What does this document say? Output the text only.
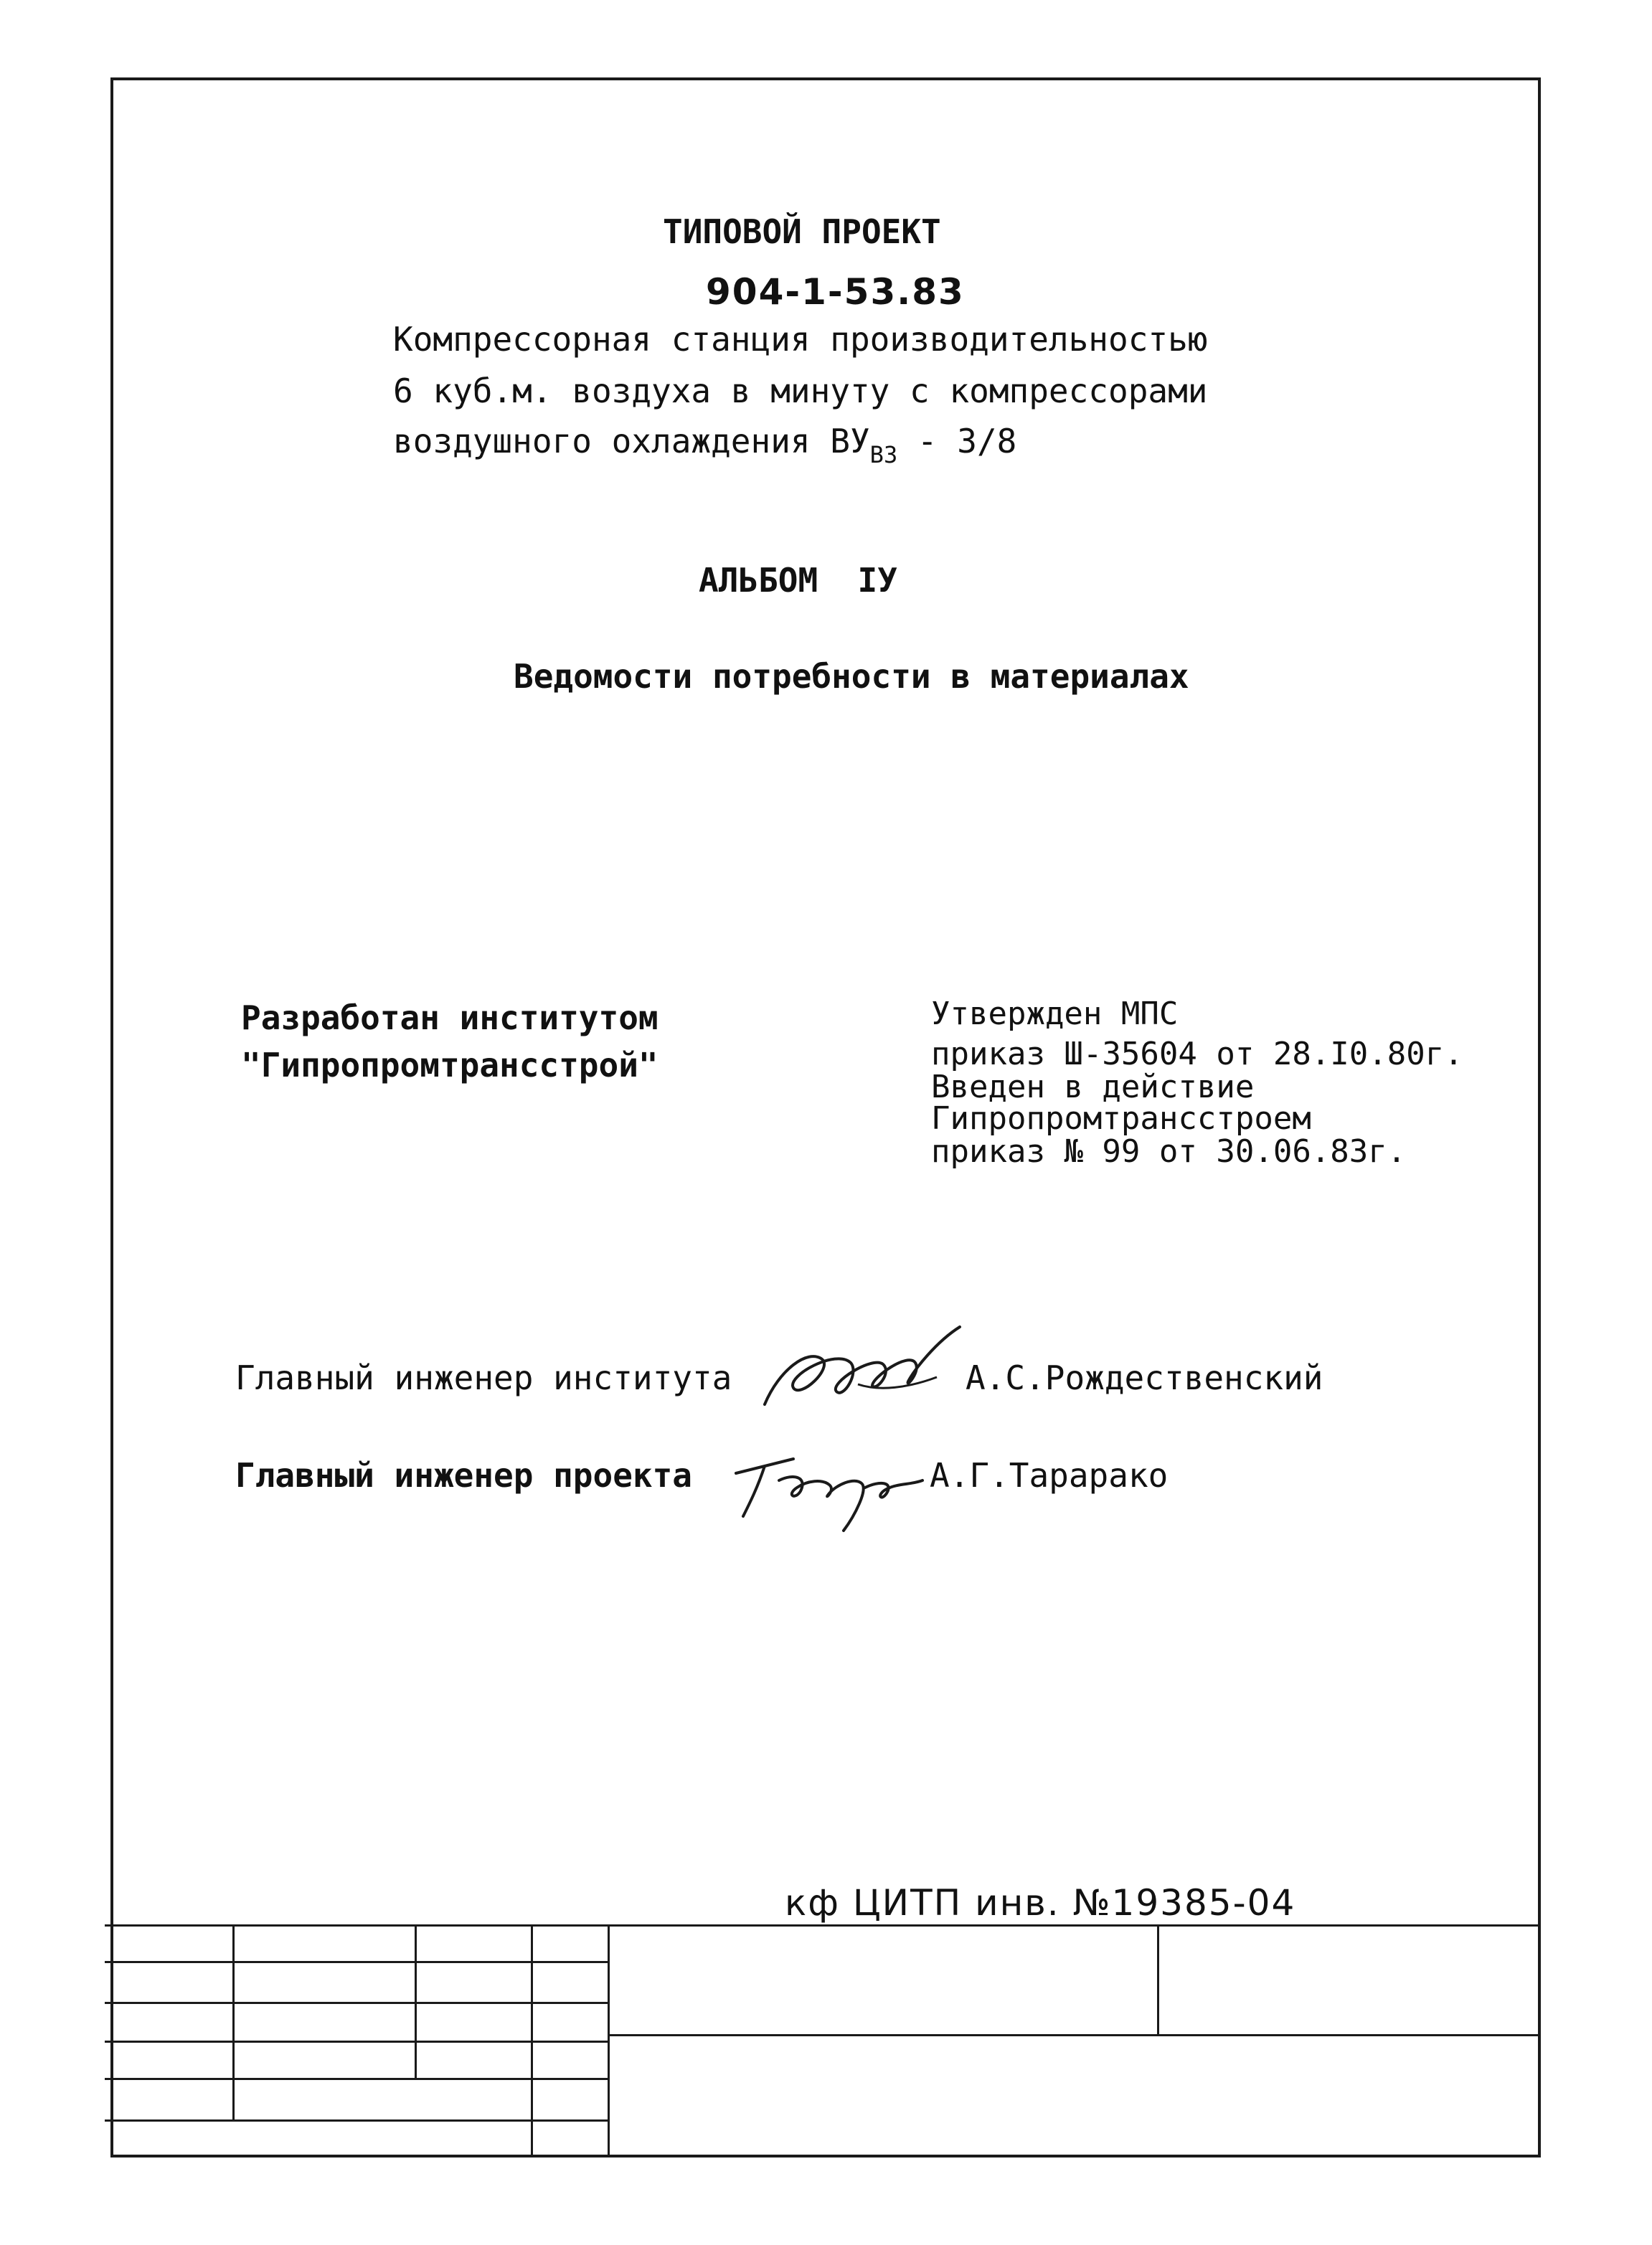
ТИПОВОЙ ПРОЕКТ
904-1-53.83
Компрессорная станция производительностью
6 куб.м. воздуха в минуту с компрессорами
воздушного охлаждения $ВУ_{ВЗ} - 3/8$
АЛЬБОМ  IУ
Ведомости потребности в материалах
Разработан институтом
"Гипропромтрансстрой"
Утвержден МПС
приказ Ш-35604 от 28.I0.80г.
Введен в действие
Гипропромтрансстроем
приказ № 99 от 30.06.83г.
Главный инженер института	А.С.Рождественский
Главный инженер проекта	А.Г.Тарарако
кф ЦИТП инв. №19385-04
